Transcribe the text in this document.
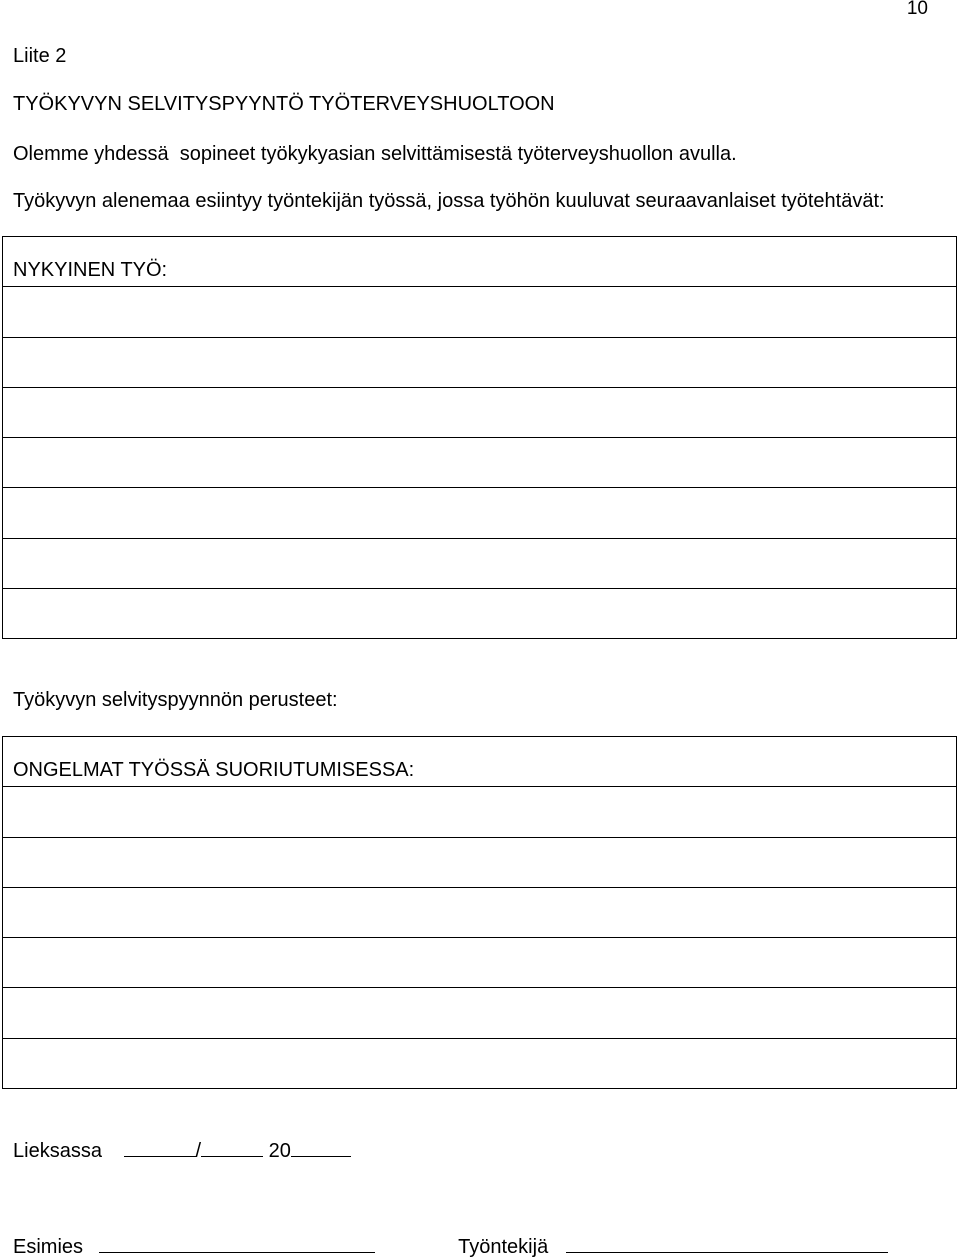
10
Liite 2
TYÖKYVYN SELVITYSPYYNTÖ TYÖTERVEYSHUOLTOON
Olemme yhdessä  sopineet työkykyasian selvittämisestä työterveyshuollon avulla.
Työkyvyn alenemaa esiintyy työntekijän työssä, jossa työhön kuuluvat seuraavanlaiset työtehtävät:
NYKYINEN TYÖ:
Työkyvyn selvityspyynnön perusteet:
ONGELMAT TYÖSSÄ SUORIUTUMISESSA:
Lieksassa	/	20
Esimies	Työntekijä
